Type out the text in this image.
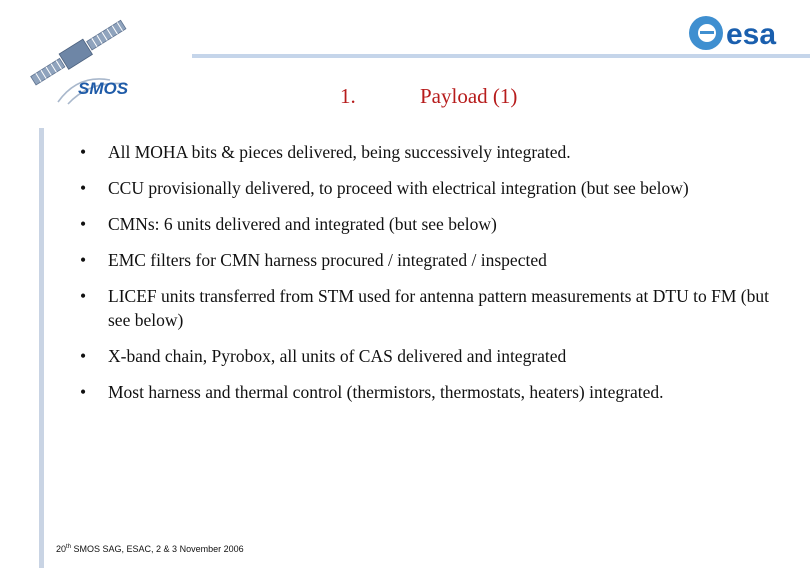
SMOS
esa
1.	Payload (1)
• All MOHA bits & pieces delivered, being successively integrated.
• CCU provisionally delivered, to proceed with electrical integration (but see below)
• CMNs: 6 units delivered and integrated (but see below)
• EMC filters for CMN harness procured / integrated / inspected
• LICEF units transferred from STM used for antenna pattern measurements at DTU to FM (but see below)
• X-band chain, Pyrobox, all units of CAS delivered and integrated
• Most harness and thermal control (thermistors, thermostats, heaters) integrated.
20th SMOS SAG, ESAC, 2 & 3 November 2006
